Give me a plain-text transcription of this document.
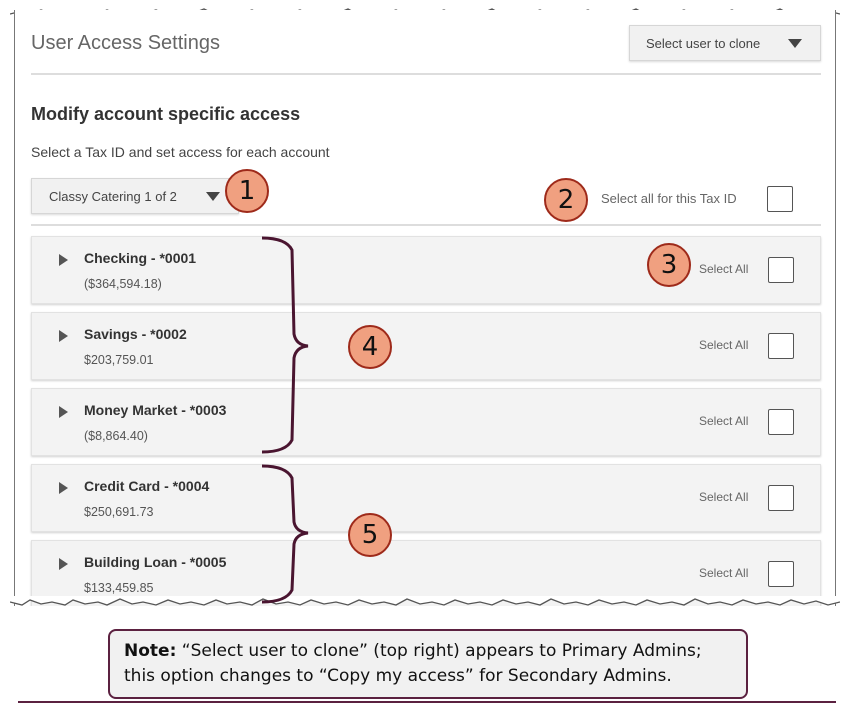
User Access Settings	Select user to clone
Modify account specific access
Select a Tax ID and set access for each account
Classy Catering 1 of 2	Select all for this Tax ID
Checking - *0001
($364,594.18)
Select All
Savings - *0002
$203,759.01
Select All
Money Market - *0003
($8,864.40)
Select All
Credit Card - *0004
$250,691.73
Select All
Building Loan - *0005
$133,459.85
Select All
1	2
3
4
5
Note: “Select user to clone” (top right) appears to Primary Admins; this option changes to “Copy my access” for Secondary Admins.
